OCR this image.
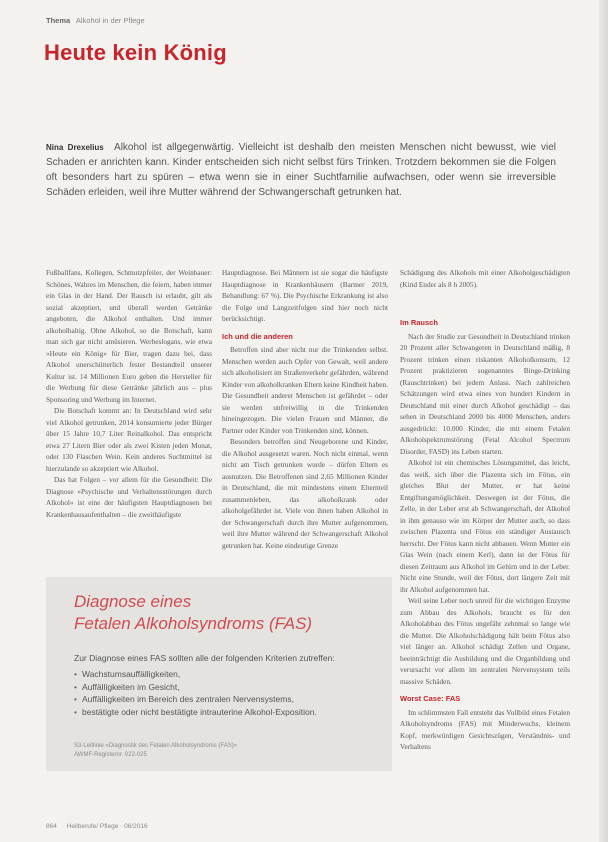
Thema Alkohol in der Pflege
Heute kein König

Nina Drexelius Alkohol ist allgegenwärtig. Vielleicht ist deshalb den meisten Menschen nicht bewusst, wie viel Schaden er anrichten kann. Kinder entscheiden sich nicht selbst fürs Trinken. Trotzdem bekommen sie die Folgen oft besonders hart zu spüren – etwa wenn sie in einer Suchtfamilie aufwachsen, oder wenn sie irreversible Schäden erleiden, weil ihre Mutter während der Schwangerschaft getrunken hat.

Fußballfans, Kollegen, Schmutzpfeiler, der Weinbauer: Schönes, Wahres im Menschen, die feiern, haben immer ein Glas in der Hand. Der Rausch ist erlaubt, gilt als sozial akzeptiert, und überall werden Getränke angeboten, die Alkohol enthalten. Und immer alkoholhaltig. Ohne Alkohol, so die Botschaft, kann man sich gar nicht amüsieren. Werbeslogans, wie etwa »Heute ein König« für Bier, tragen dazu bei, dass Alkohol unerschütterlich fester Bestandteil unserer Kultur ist. 14 Millionen Euro geben die Hersteller für die Werbung für diese Getränke jährlich aus – plus Sponsoring und Werbung im Internet.

Die Botschaft kommt an: In Deutschland wird sehr viel Alkohol getrunken, 2014 konsumierte jeder Bürger über 15 Jahre 10,7 Liter Reinalkohol. Das entspricht etwa 27 Litern Bier oder als zwei Kisten jeden Monat, oder 130 Flaschen Wein. Kein anderes Suchtmittel ist hierzulande so akzeptiert wie Alkohol.

Das hat Folgen – vor allem für die Gesundheit: Die Diagnose »Psychische und Verhaltensstörungen durch Alkohol« ist eine der häufigsten Hauptdiagnosen bei Krankenhausaufenthalten – die zweithäufigste

Hauptdiagnose. Bei Männern ist sie sogar die häufigste Hauptdiagnose in Krankenhäusern (Barmer 2019, Behandlung: 67 %). Die Psychische Erkrankung ist also die Folge und Langzeitfolgen sind hier noch nicht berücksichtigt.

Ich und die anderen

Betroffen sind aber nicht nur die Trinkenden selbst. Menschen werden auch Opfer von Gewalt, weil andere sich alkoholisiert im Straßenverkehr gefährden, während Kinder von alkoholkranken Eltern keine Kindheit haben. Die Gesundheit anderer Menschen ist gefährdet – oder sie werden unfreiwillig in die Trinkenden hineingezogen. Die vielen Frauen und Männer, die Partner oder Kinder von Trinkenden sind, können.

Besonders betroffen sind Neugeborene und Kinder, die Alkohol ausgesetzt waren. Noch nicht einmal, wenn nicht am Tisch getrunken wurde – dürfen Eltern es ausnutzen. Die Betroffenen sind 2,65 Millionen Kinder in Deutschland, die mit mindestens einem Elternteil zusammenleben, das alkoholkrank oder alkoholgefährdet ist. Viele von ihnen haben Alkohol in der Schwangerschaft durch ihre Mutter aufgenommen, weil ihre Mutter während der Schwangerschaft Alkohol getrunken hat. Keine eindeutige Grenze

Schädigung des Alkohols mit einer Alkoholgeschädigten (Kind Ender als 8 h 2005).

Im Rausch

Nach der Studie zur Gesundheit in Deutschland trinken 20 Prozent aller Schwangeren in Deutschland mäßig, 8 Prozent trinken einen riskanten Alkoholkonsum, 12 Prozent praktizieren sogenanntes Binge-Drinking (Rauschtrinken) bei jedem Anlass. Nach zahlreichen Schätzungen wird etwa eines von hundert Kindern in Deutschland mit einer durch Alkohol geschädigt – das sehen in Deutschland 2000 bis 4000 Menschen, anders ausgedrückt: 10.000 Kinder, die mit einem Fetalen Alkoholspektrumstörung (Fetal Alcohol Spectrum Disorder, FASD) ins Leben starten.

Alkohol ist ein chemisches Lösungsmittel, das leicht, das weiß, sich über die Plazenta sich im Fötus, ein gleiches Blut der Mutter, er hat keine Entgiftungsmöglichkeit. Deswegen ist der Fötus, die Zelle, in der Leber erst ab Schwangerschaft, der Alkohol in ihm genauso wie im Körper der Mutter auch, so dass zwischen Plazenta und Fötus ein ständiger Austausch herrscht. Der Fötus kann nicht abbauen. Wenn Mutter ein Glas Wein (nach einem Kerl), dann ist der Fötus für diesen Zeitraum aus Alkohol im Gehirn und in der Leber. Nicht eine Stunde, weil der Fötus, dort längere Zeit mit ihr Alkohol aufgenommen hat.

Weil seine Leber noch unreif für die wichtigen Enzyme zum Abbau des Alkohols, braucht es für den Alkoholabbau des Fötus ungefähr zehnmal so lange wie die Mutter. Die Alkoholschädigung hält beim Fötus also viel länger an. Alkohol schädigt Zellen und Organe, beeinträchtigt die Ausbildung und die Organbildung und verursacht vor allem im zentralen Nervensystem teils massive Schäden.

Worst Case: FAS

Im schlimmsten Fall entsteht das Vollbild eines Fetalen Alkoholsyndroms (FAS) mit Minderwuchs, kleinem Kopf, merkwürdigen Gesichtszügen, Verständnis- und Verhaltens

Diagnose eines
Fetalen Alkoholsyndroms (FAS)
Zur Diagnose eines FAS sollten alle der folgenden Kriterien zutreffen:
• Wachstumsauffälligkeiten,
• Auffälligkeiten im Gesicht,
• Auffälligkeiten im Bereich des zentralen Nervensystems,
• bestätigte oder nicht bestätigte intrauterine Alkohol-Exposition.
S3-Leitlinie »Diagnostik des Fetalen Alkoholsyndroms (FAS)«
AWMF-Registernr. 022-025
864 Heilberufe/ Pflege · 06/2016
